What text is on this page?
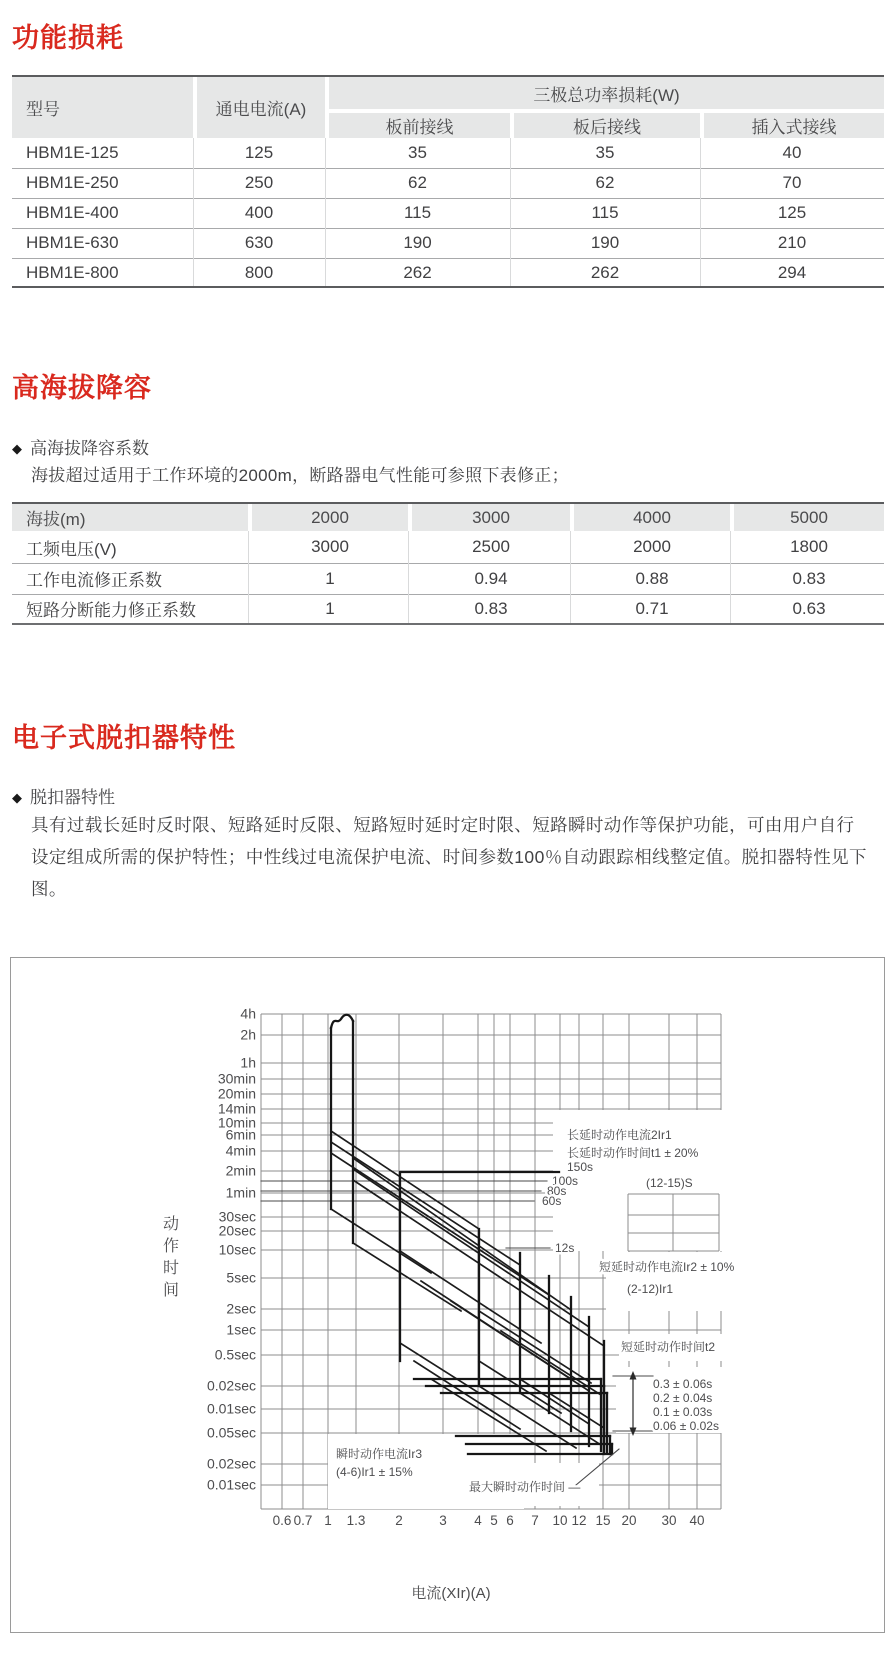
功能损耗
型号	通电电流(A)
三极总功率损耗(W)
板前接线	板后接线	插入式接线
HBM1E-125	125	35	35	40
HBM1E-250	250	62	62	70
HBM1E-400	400	115	115	125
HBM1E-630	630	190	190	210
HBM1E-800	800	262	262	294
高海拔降容
◆ 高海拔降容系数
海拔超过适用于工作环境的2000m，断路器电气性能可参照下表修正；
海拔(m)	2000	3000	4000	5000
工频电压(V)	3000	2500	2000	1800
工作电流修正系数	1	0.94	0.88	0.83
短路分断能力修正系数	1	0.83	0.71	0.63
电子式脱扣器特性
◆ 脱扣器特性

具有过载长延时反时限、短路延时反限、短路短时延时定时限、短路瞬时动作等保护功能，可由用户自行设定组成所需的保护特性；中性线过电流保护电流、时间参数100％自动跟踪相线整定值。脱扣器特性见下图。

4h
2h
1h
30min
20min
14min
10min
6min
4min
2min
1min
30sec
20sec
10sec
5sec
2sec
1sec
0.5sec
0.02sec
0.01sec
0.05sec
0.02sec
0.01sec
0.6 0.7 1 1.3 2	3 4 5 6 7 10 12 15 20 30 40
动作时间
电流(XIr)(A)
长延时动作电流2Ir1
长延时动作时间t1 ± 20%
150s
100s
80s
60s
(12-15)S
12s
短延时动作电流Ir2 ± 10%
(2-12)Ir1
短延时动作时间t2
0.3 ± 0.06s
0.2 ± 0.04s
0.1 ± 0.03s
0.06 ± 0.02s
瞬时动作电流Ir3
(4-6)Ir1 ± 15%
最大瞬时动作时间 —
